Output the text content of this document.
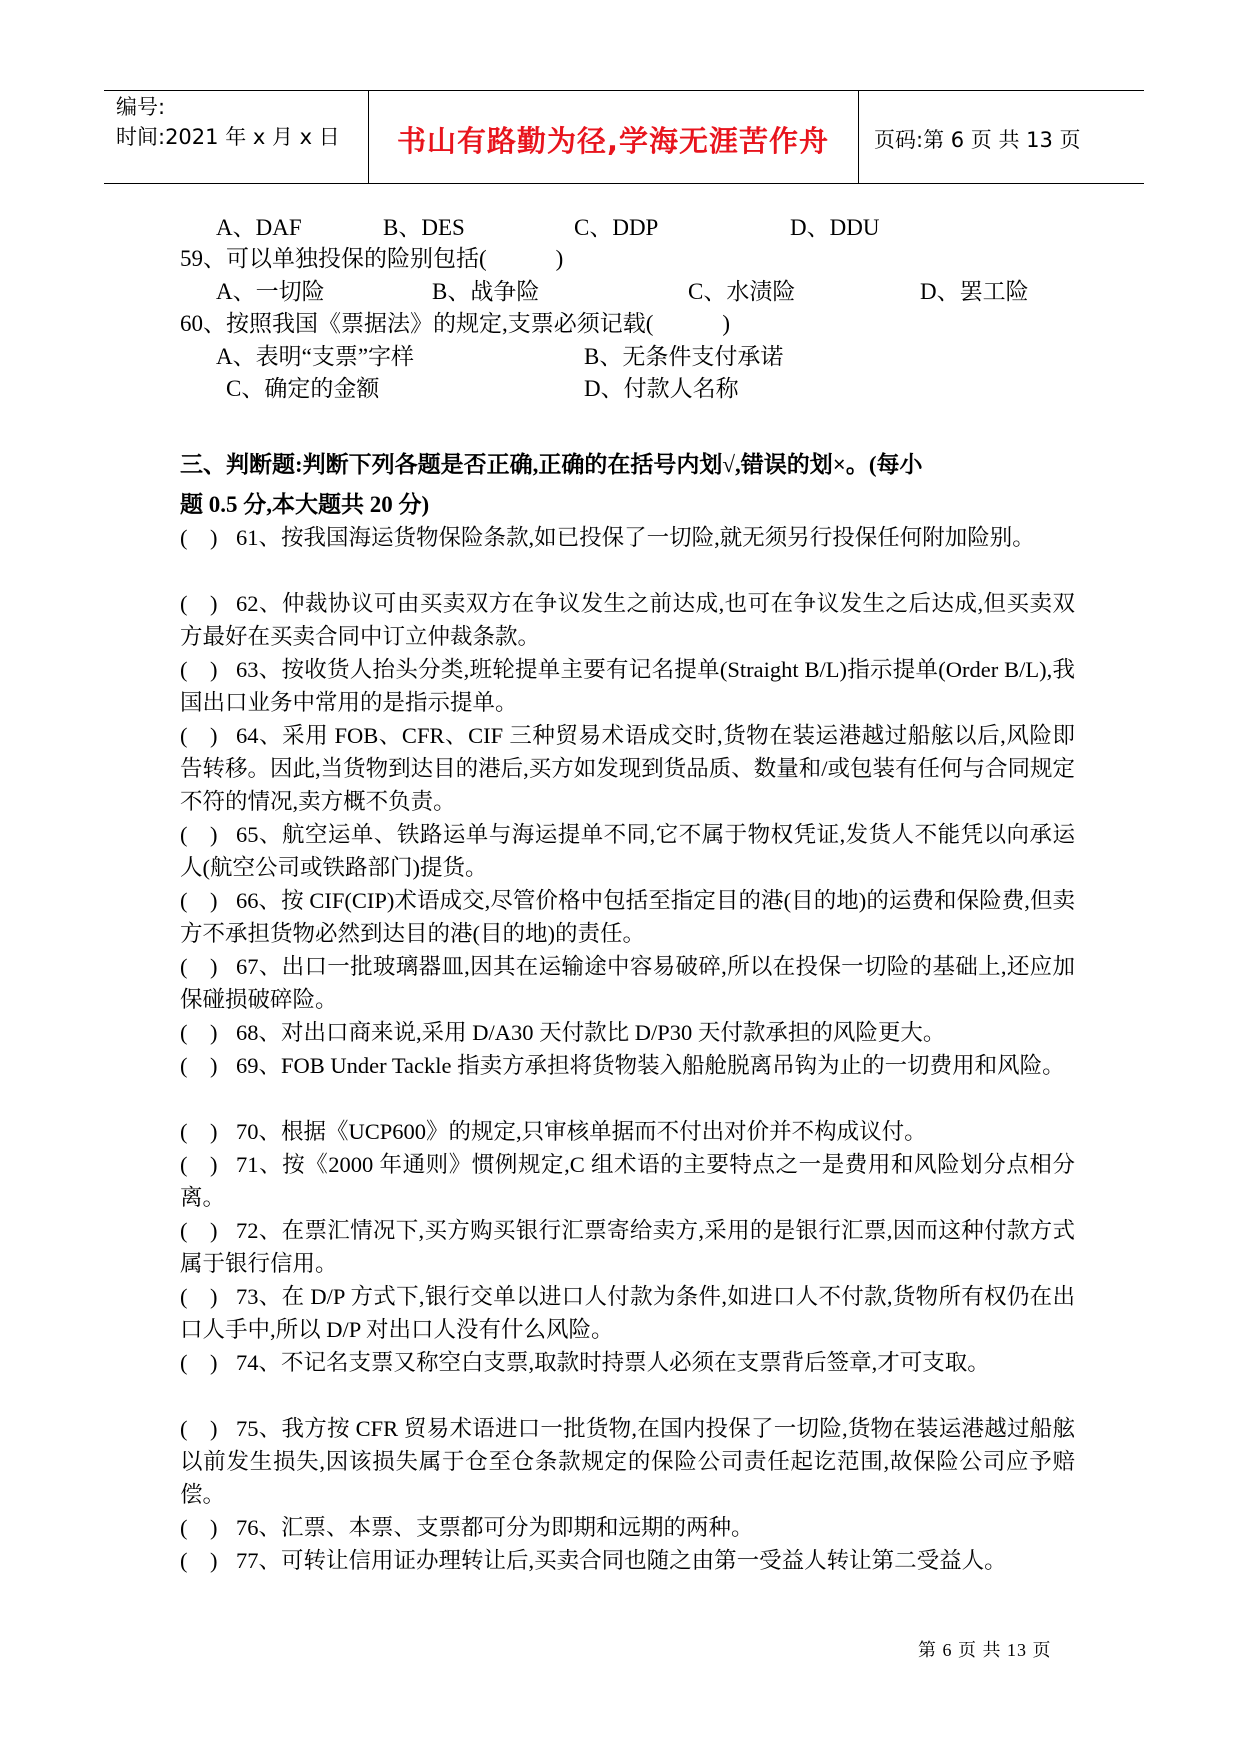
编号:
时间:2021 年 x 月 x 日	书山有路勤为径,学海无涯苦作舟	页码:第 6 页 共 13 页
A、DAF	B、DES	C、DDP	D、DDU
59、可以单独投保的险别包括(　　　)
A、一切险	B、战争险	C、水渍险	D、罢工险
60、按照我国《票据法》的规定,支票必须记载(　　　)
A、表明“支票”字样	B、无条件支付承诺
C、确定的金额	D、付款人名称
三、判断题:判断下列各题是否正确,正确的在括号内划√,错误的划×。(每小
题 0.5 分,本大题共 20 分)
(　) 61、按我国海运货物保险条款,如已投保了一切险,就无须另行投保任何附加险别。
(　) 62、仲裁协议可由买卖双方在争议发生之前达成,也可在争议发生之后达成,但买卖双方最好在买卖合同中订立仲裁条款。
(　) 63、按收货人抬头分类,班轮提单主要有记名提单(Straight B/L)指示提单(Order B/L),我国出口业务中常用的是指示提单。
(　) 64、采用 FOB、CFR、CIF 三种贸易术语成交时,货物在装运港越过船舷以后,风险即告转移。因此,当货物到达目的港后,买方如发现到货品质、数量和/或包装有任何与合同规定不符的情况,卖方概不负责。
(　) 65、航空运单、铁路运单与海运提单不同,它不属于物权凭证,发货人不能凭以向承运人(航空公司或铁路部门)提货。
(　) 66、按 CIF(CIP)术语成交,尽管价格中包括至指定目的港(目的地)的运费和保险费,但卖方不承担货物必然到达目的港(目的地)的责任。
(　) 67、出口一批玻璃器皿,因其在运输途中容易破碎,所以在投保一切险的基础上,还应加保碰损破碎险。
(　) 68、对出口商来说,采用 D/A30 天付款比 D/P30 天付款承担的风险更大。
(　) 69、FOB Under Tackle 指卖方承担将货物装入船舱脱离吊钩为止的一切费用和风险。
(　) 70、根据《UCP600》的规定,只审核单据而不付出对价并不构成议付。
(　) 71、按《2000 年通则》惯例规定,C 组术语的主要特点之一是费用和风险划分点相分离。
(　) 72、在票汇情况下,买方购买银行汇票寄给卖方,采用的是银行汇票,因而这种付款方式属于银行信用。
(　) 73、在 D/P 方式下,银行交单以进口人付款为条件,如进口人不付款,货物所有权仍在出口人手中,所以 D/P 对出口人没有什么风险。
(　) 74、不记名支票又称空白支票,取款时持票人必须在支票背后签章,才可支取。
(　) 75、我方按 CFR 贸易术语进口一批货物,在国内投保了一切险,货物在装运港越过船舷以前发生损失,因该损失属于仓至仓条款规定的保险公司责任起讫范围,故保险公司应予赔偿。
(　) 76、汇票、本票、支票都可分为即期和远期的两种。
(　) 77、可转让信用证办理转让后,买卖合同也随之由第一受益人转让第二受益人。
第 6 页 共 13 页
